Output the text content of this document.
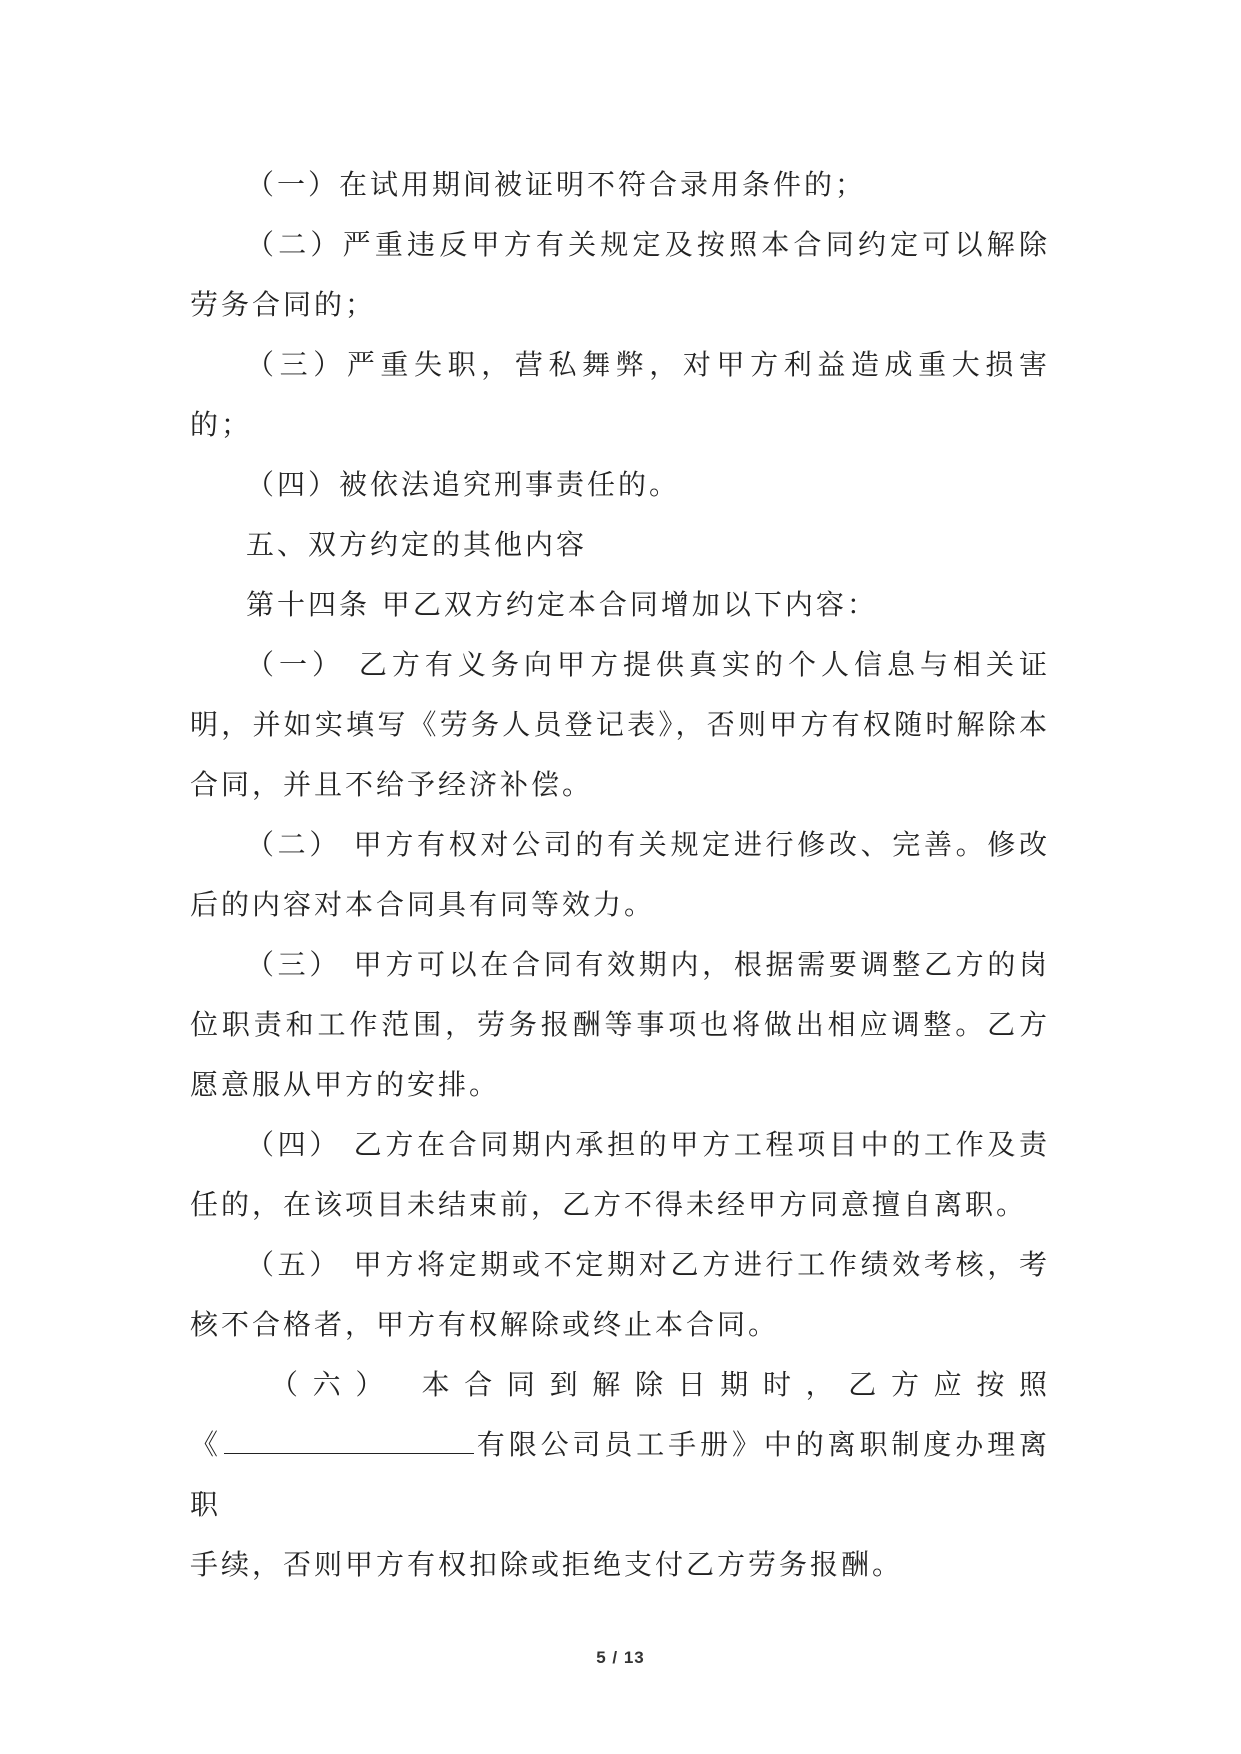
（一）在试用期间被证明不符合录用条件的；

（二）严重违反甲方有关规定及按照本合同约定可以解除劳务合同的；

（三）严重失职，营私舞弊，对甲方利益造成重大损害的；

（四）被依法追究刑事责任的。

五、双方约定的其他内容

第十四条 甲乙双方约定本合同增加以下内容：

（一） 乙方有义务向甲方提供真实的个人信息与相关证明，并如实填写《劳务人员登记表》，否则甲方有权随时解除本合同，并且不给予经济补偿。

（二） 甲方有权对公司的有关规定进行修改、完善。修改后的内容对本合同具有同等效力。

（三） 甲方可以在合同有效期内，根据需要调整乙方的岗位职责和工作范围，劳务报酬等事项也将做出相应调整。乙方愿意服从甲方的安排。

（四） 乙方在合同期内承担的甲方工程项目中的工作及责任的，在该项目未结束前，乙方不得未经甲方同意擅自离职。

（五） 甲方将定期或不定期对乙方进行工作绩效考核，考核不合格者，甲方有权解除或终止本合同。

（六） 本合同到解除日期时，乙方应按照
《	有限公司员工手册》中的离职制度办理离职
手续，否则甲方有权扣除或拒绝支付乙方劳务报酬。

5 / 13
